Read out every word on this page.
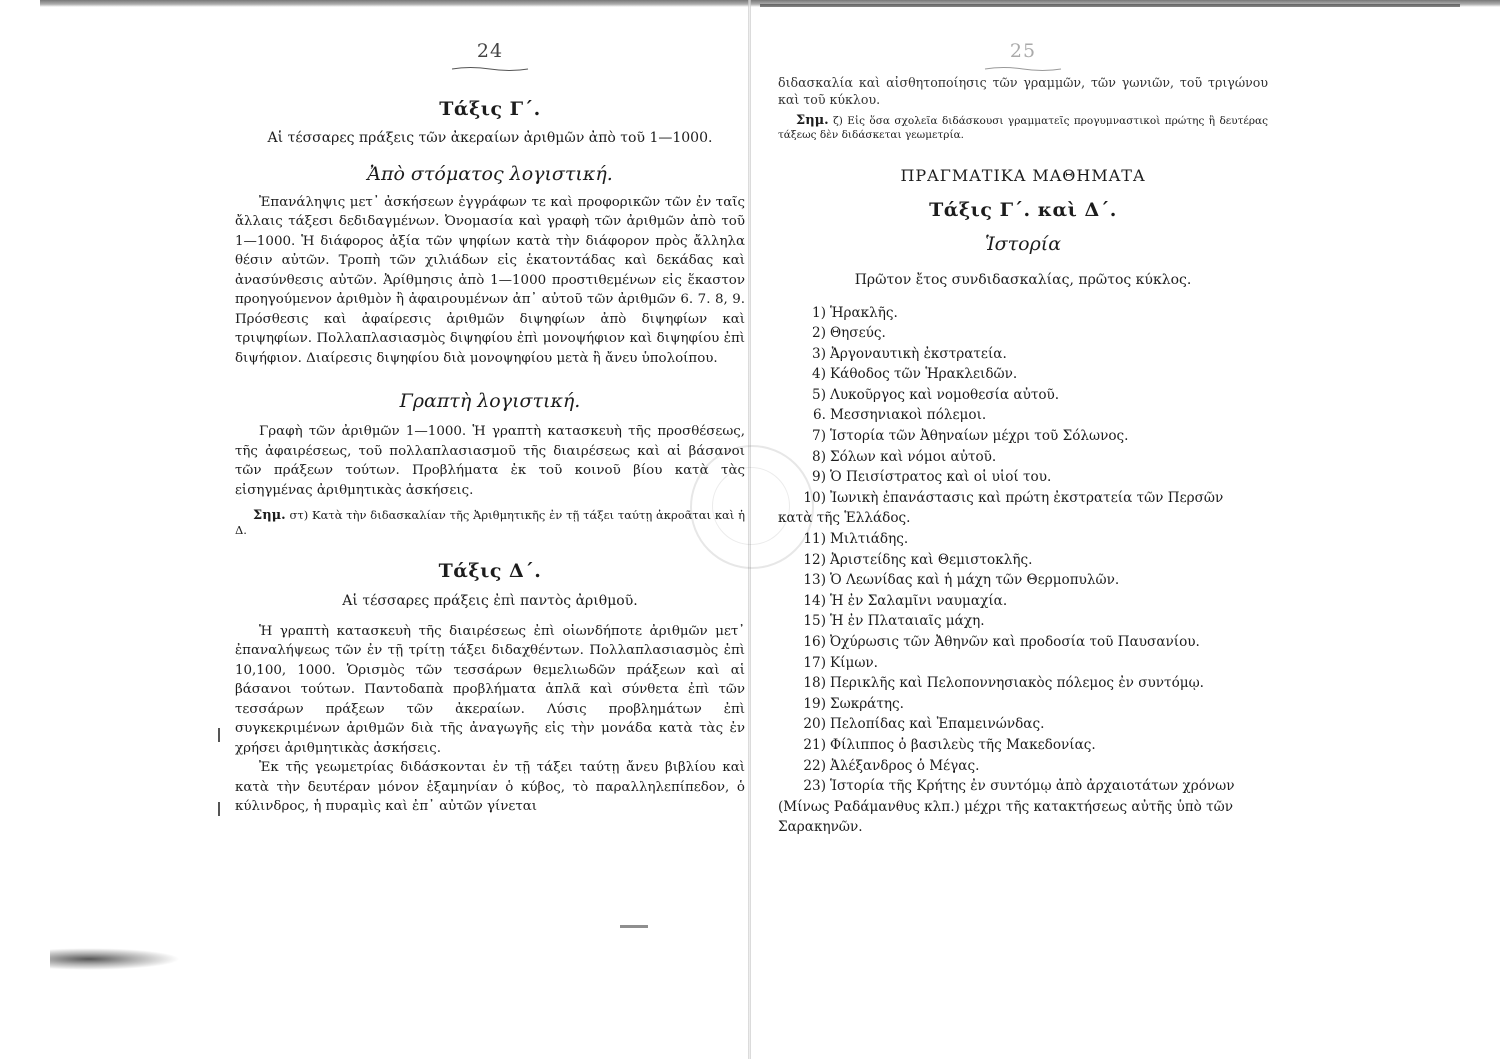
24
Τάξις Γ΄.

Αἱ τέσσαρες πράξεις τῶν ἀκεραίων ἀριθμῶν ἀπὸ τοῦ 1—1000.

Ἀπὸ στόματος λογιστική.

Ἐπανάληψις μετ᾽ ἀσκήσεων ἐγγράφων τε καὶ προφορικῶν τῶν ἐν ταῖς ἄλλαις τάξεσι δεδιδαγμένων. Ὀνομασία καὶ γραφὴ τῶν ἀριθμῶν ἀπὸ τοῦ 1—1000. Ἡ διάφορος ἀξία τῶν ψηφίων κατὰ τὴν διάφορον πρὸς ἄλληλα θέσιν αὐτῶν. Τροπὴ τῶν χιλιάδων εἰς ἑκατοντάδας καὶ δεκάδας καὶ ἀνασύνθεσις αὐτῶν. Ἀρίθμησις ἀπὸ 1—1000 προστιθεμένων εἰς ἕκαστον προηγούμενον ἀριθμὸν ἢ ἀφαιρουμένων ἀπ᾽ αὐτοῦ τῶν ἀριθμῶν 6. 7. 8, 9. Πρόσθεσις καὶ ἀφαίρεσις ἀριθμῶν διψηφίων ἀπὸ διψηφίων καὶ τριψηφίων. Πολλαπλασιασμὸς διψηφίου ἐπὶ μονοψήφιον καὶ διψηφίου ἐπὶ διψήφιον. Διαίρεσις διψηφίου διὰ μονοψηφίου μετὰ ἢ ἄνευ ὑπολοίπου.

Γραπτὴ λογιστική.

Γραφὴ τῶν ἀριθμῶν 1—1000. Ἡ γραπτὴ κατασκευὴ τῆς προσθέσεως, τῆς ἀφαιρέσεως, τοῦ πολλαπλασιασμοῦ τῆς διαιρέσεως καὶ αἱ βάσανοι τῶν πράξεων τούτων. Προβλήματα ἐκ τοῦ κοινοῦ βίου κατὰ τὰς εἰσηγμένας ἀριθμητικὰς ἀσκήσεις.

Σημ. στ) Κατὰ τὴν διδασκαλίαν τῆς Ἀριθμητικῆς ἐν τῇ τάξει ταύτῃ ἀκροᾶται καὶ ἡ Δ.

Τάξις Δ΄.

Αἱ τέσσαρες πράξεις ἐπὶ παντὸς ἀριθμοῦ.

Ἡ γραπτὴ κατασκευὴ τῆς διαιρέσεως ἐπὶ οἱωνδήποτε ἀριθμῶν μετ᾽ ἐπαναλήψεως τῶν ἐν τῇ τρίτῃ τάξει διδαχθέντων. Πολλαπλασιασμὸς ἐπὶ 10,100, 1000. Ὁρισμὸς τῶν τεσσάρων θεμελιωδῶν πράξεων καὶ αἱ βάσανοι τούτων. Παντοδαπὰ προβλήματα ἁπλᾶ καὶ σύνθετα ἐπὶ τῶν τεσσάρων πράξεων τῶν ἀκεραίων. Λύσις προβλημάτων ἐπὶ συγκεκριμένων ἀριθμῶν διὰ τῆς ἀναγωγῆς εἰς τὴν μονάδα κατὰ τὰς ἐν χρήσει ἀριθμητικὰς ἀσκήσεις.

Ἐκ τῆς γεωμετρίας διδάσκονται ἐν τῇ τάξει ταύτῃ ἄνευ βιβλίου καὶ κατὰ τὴν δευτέραν μόνον ἑξαμηνίαν ὁ κύβος, τὸ παραλληλεπίπεδον, ὁ κύλινδρος, ἡ πυραμὶς καὶ ἐπ᾽ αὐτῶν γίνεται

25

διδασκαλία καὶ αἰσθητοποίησις τῶν γραμμῶν, τῶν γωνιῶν, τοῦ τριγώνου καὶ τοῦ κύκλου.

Σημ. ζ) Εἰς ὅσα σχολεῖα διδάσκουσι γραμματεῖς προγυμναστικοὶ πρώτης ἢ δευτέρας τάξεως δὲν διδάσκεται γεωμετρία.

ΠΡΑΓΜΑΤΙΚΑ ΜΑΘΗΜΑΤΑ
Τάξις Γ΄. καὶ Δ΄.
Ἱστορία

Πρῶτον ἔτος συνδιδασκαλίας, πρῶτος κύκλος.

1) Ἡρακλῆς.
2) Θησεύς.
3) Ἀργοναυτικὴ ἐκστρατεία.
4) Κάθοδος τῶν Ἡρακλειδῶν.
5) Λυκοῦργος καὶ νομοθεσία αὐτοῦ.
6. Μεσσηνιακοὶ πόλεμοι.
7) Ἱστορία τῶν Ἀθηναίων μέχρι τοῦ Σόλωνος.
8) Σόλων καὶ νόμοι αὐτοῦ.
9) Ὁ Πεισίστρατος καὶ οἱ υἱοί του.
10) Ἰωνικὴ ἐπανάστασις καὶ πρώτη ἐκστρατεία τῶν Περσῶν
κατὰ τῆς Ἑλλάδος.
11) Μιλτιάδης.
12) Ἀριστείδης καὶ Θεμιστοκλῆς.
13) Ὁ Λεωνίδας καὶ ἡ μάχη τῶν Θερμοπυλῶν.
14) Ἡ ἐν Σαλαμῖνι ναυμαχία.
15) Ἡ ἐν Πλαταιαῖς μάχη.
16) Ὀχύρωσις τῶν Ἀθηνῶν καὶ προδοσία τοῦ Παυσανίου.
17) Κίμων.
18) Περικλῆς καὶ Πελοποννησιακὸς πόλεμος ἐν συντόμῳ.
19) Σωκράτης.
20) Πελοπίδας καὶ Ἐπαμεινώνδας.
21) Φίλιππος ὁ βασιλεὺς τῆς Μακεδονίας.
22) Ἀλέξανδρος ὁ Μέγας.
23) Ἱστορία τῆς Κρήτης ἐν συντόμῳ ἀπὸ ἀρχαιοτάτων χρόνων
(Μίνως Ραδάμανθυς κλπ.) μέχρι τῆς κατακτήσεως αὐτῆς ὑπὸ τῶν Σαρακηνῶν.
